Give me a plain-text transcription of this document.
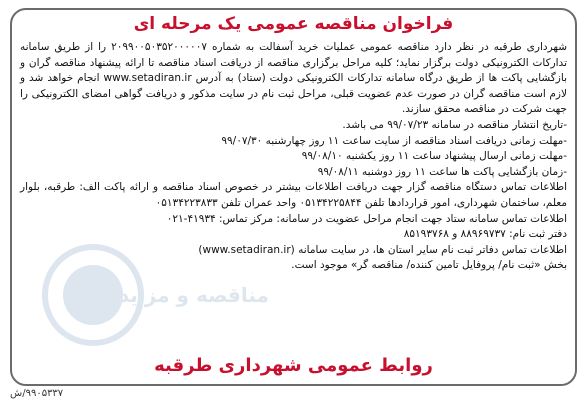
مناقصه و مزایده
فراخوان مناقصه عمومی یک مرحله ای

شهرداری طرقبه در نظر دارد مناقصه عمومی عملیات خرید آسفالت به شماره ۲۰۹۹۰۰۵۰۳۵۲۰۰۰۰۰۷ را از طریق سامانه تدارکات الکترونیکی دولت برگزار نماید؛ کلیه مراحل برگزاری مناقصه از دریافت اسناد مناقصه تا ارائه پیشنهاد مناقصه گران و بازگشایی پاکت ها از طریق درگاه سامانه تدارکات الکترونیکی دولت (ستاد) به آدرس www.setadiran.ir انجام خواهد شد و لازم است مناقصه گران در صورت عدم عضویت قبلی، مراحل ثبت نام در سایت مذکور و دریافت گواهی امضای الکترونیکی را جهت شرکت در مناقصه محقق سازند.

-تاریخ انتشار مناقصه در سامانه ۹۹/۰۷/۲۳ می باشد.

-مهلت زمانی دریافت اسناد مناقصه از سایت ساعت ۱۱ روز چهارشنبه ۹۹/۰۷/۳۰

-مهلت زمانی ارسال پیشنهاد ساعت ۱۱ روز یکشنبه ۹۹/۰۸/۱۰

-زمان بازگشایی پاکت ها ساعت ۱۱ روز دوشنبه ۹۹/۰۸/۱۱

اطلاعات تماس دستگاه مناقصه گزار جهت دریافت اطلاعات بیشتر در خصوص اسناد مناقصه و ارائه پاکت الف: طرقبه، بلوار معلم، ساختمان شهرداری، امور قراردادها تلفن ۰۵۱۳۴۲۲۵۸۴۴ واحد عمران تلفن ۰۵۱۳۴۲۲۳۸۳۳

اطلاعات تماس سامانه ستاد جهت انجام مراحل عضویت در سامانه: مرکز تماس: ۴۱۹۳۴-۰۲۱

دفتر ثبت نام: ۸۸۹۶۹۷۳۷ و ۸۵۱۹۳۷۶۸

اطلاعات تماس دفاتر ثبت نام سایر استان ها، در سایت سامانه (www.setadiran.ir)

بخش «ثبت نام/ پروفایل تامین کننده/ مناقصه گر» موجود است.

روابط عمومی شهرداری طرقبه
۹۹۰۵۳۳۷/ش
